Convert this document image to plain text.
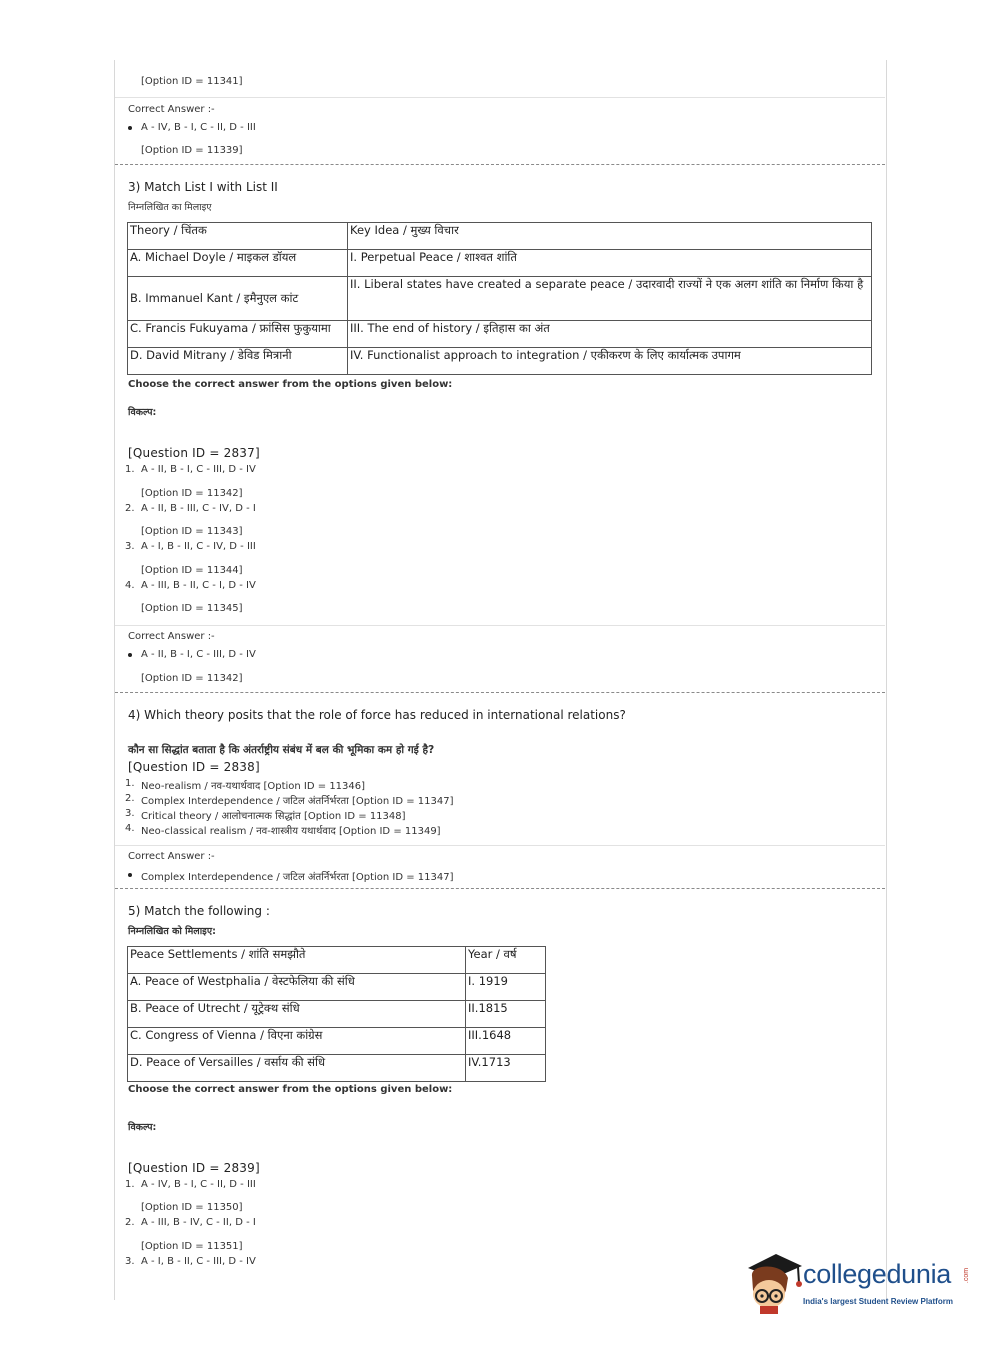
[Option ID = 11341]
Correct Answer :-
A - IV, B - I, C - II, D - III
[Option ID = 11339]
3) Match List I with List II
निम्नलिखित का मिलाइए
Theory / चिंतक	Key Idea / मुख्य विचार
A. Michael Doyle / माइकल डॉयल	I. Perpetual Peace / शाश्वत शांति
B. Immanuel Kant / इमैनुएल कांट	II. Liberal states have created a separate peace / उदारवादी राज्यों ने एक अलग शांति का निर्माण किया है
C. Francis Fukuyama / फ्रांसिस फुकुयामा	III. The end of history / इतिहास का अंत
D. David Mitrany / डेविड मित्रानी	IV. Functionalist approach to integration / एकीकरण के लिए कार्यात्मक उपागम
Choose the correct answer from the options given below:
विकल्प:
[Question ID = 2837]
1. A - II, B - I, C - III, D - IV
[Option ID = 11342]
2. A - II, B - III, C - IV, D - I
[Option ID = 11343]
3. A - I, B - II, C - IV, D - III
[Option ID = 11344]
4. A - III, B - II, C - I, D - IV
[Option ID = 11345]
Correct Answer :-
A - II, B - I, C - III, D - IV
[Option ID = 11342]
4) Which theory posits that the role of force has reduced in international relations?
कौन सा सिद्धांत बताता है कि अंतर्राष्ट्रीय संबंध में बल की भूमिका कम हो गई है?
[Question ID = 2838]
1. Neo-realism / नव-यथार्थवाद [Option ID = 11346]
2. Complex Interdependence / जटिल अंतर्निर्भरता [Option ID = 11347]
3. Critical theory / आलोचनात्मक सिद्धांत [Option ID = 11348]
4. Neo-classical realism / नव-शास्त्रीय यथार्थवाद [Option ID = 11349]
Correct Answer :-
Complex Interdependence / जटिल अंतर्निर्भरता [Option ID = 11347]
5) Match the following :
निम्नलिखित को मिलाइए:
Peace Settlements / शांति समझौते	Year / वर्ष
A. Peace of Westphalia / वेस्टफेलिया की संधि	I. 1919
B. Peace of Utrecht / यूट्रेक्थ संधि	II.1815
C. Congress of Vienna / विएना कांग्रेस	III.1648
D. Peace of Versailles / वर्साय की संधि	IV.1713
Choose the correct answer from the options given below:
विकल्प:
[Question ID = 2839]
1. A - IV, B - I, C - II, D - III
[Option ID = 11350]
2. A - III, B - IV, C - II, D - I
[Option ID = 11351]
3. A - I, B - II, C - III, D - IV	collegedunia .com
India's largest Student Review Platform
